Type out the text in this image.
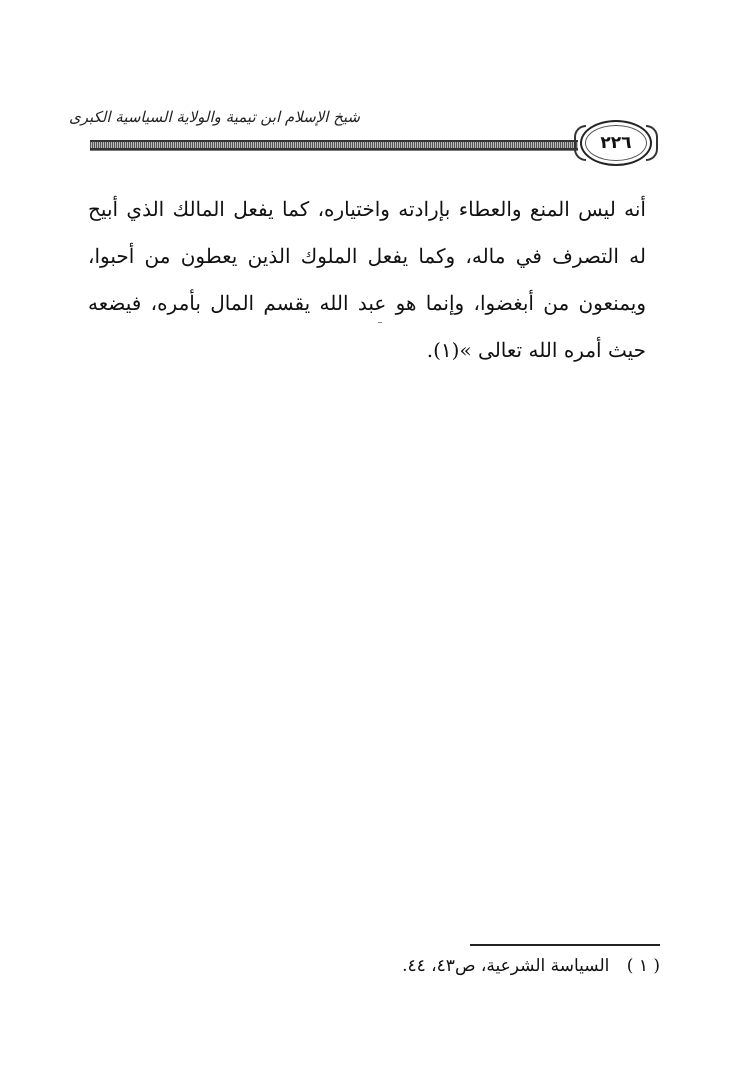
شيخ الإسلام ابن تيمية والولاية السياسية الكبرى
٢٢٦

أنه ليس المنع والعطاء بإرادته واختياره، كما يفعل المالك الذي أبيح له التصرف في ماله، وكما يفعل الملوك الذين يعطون من أحبوا، ويمنعون من أبغضوا، وإنما هو عبد الله يقسم المال بأمره، فيضعه حيث أمره الله تعالى »(١).

( ١ ) السياسة الشرعية، ص٤٣، ٤٤.
